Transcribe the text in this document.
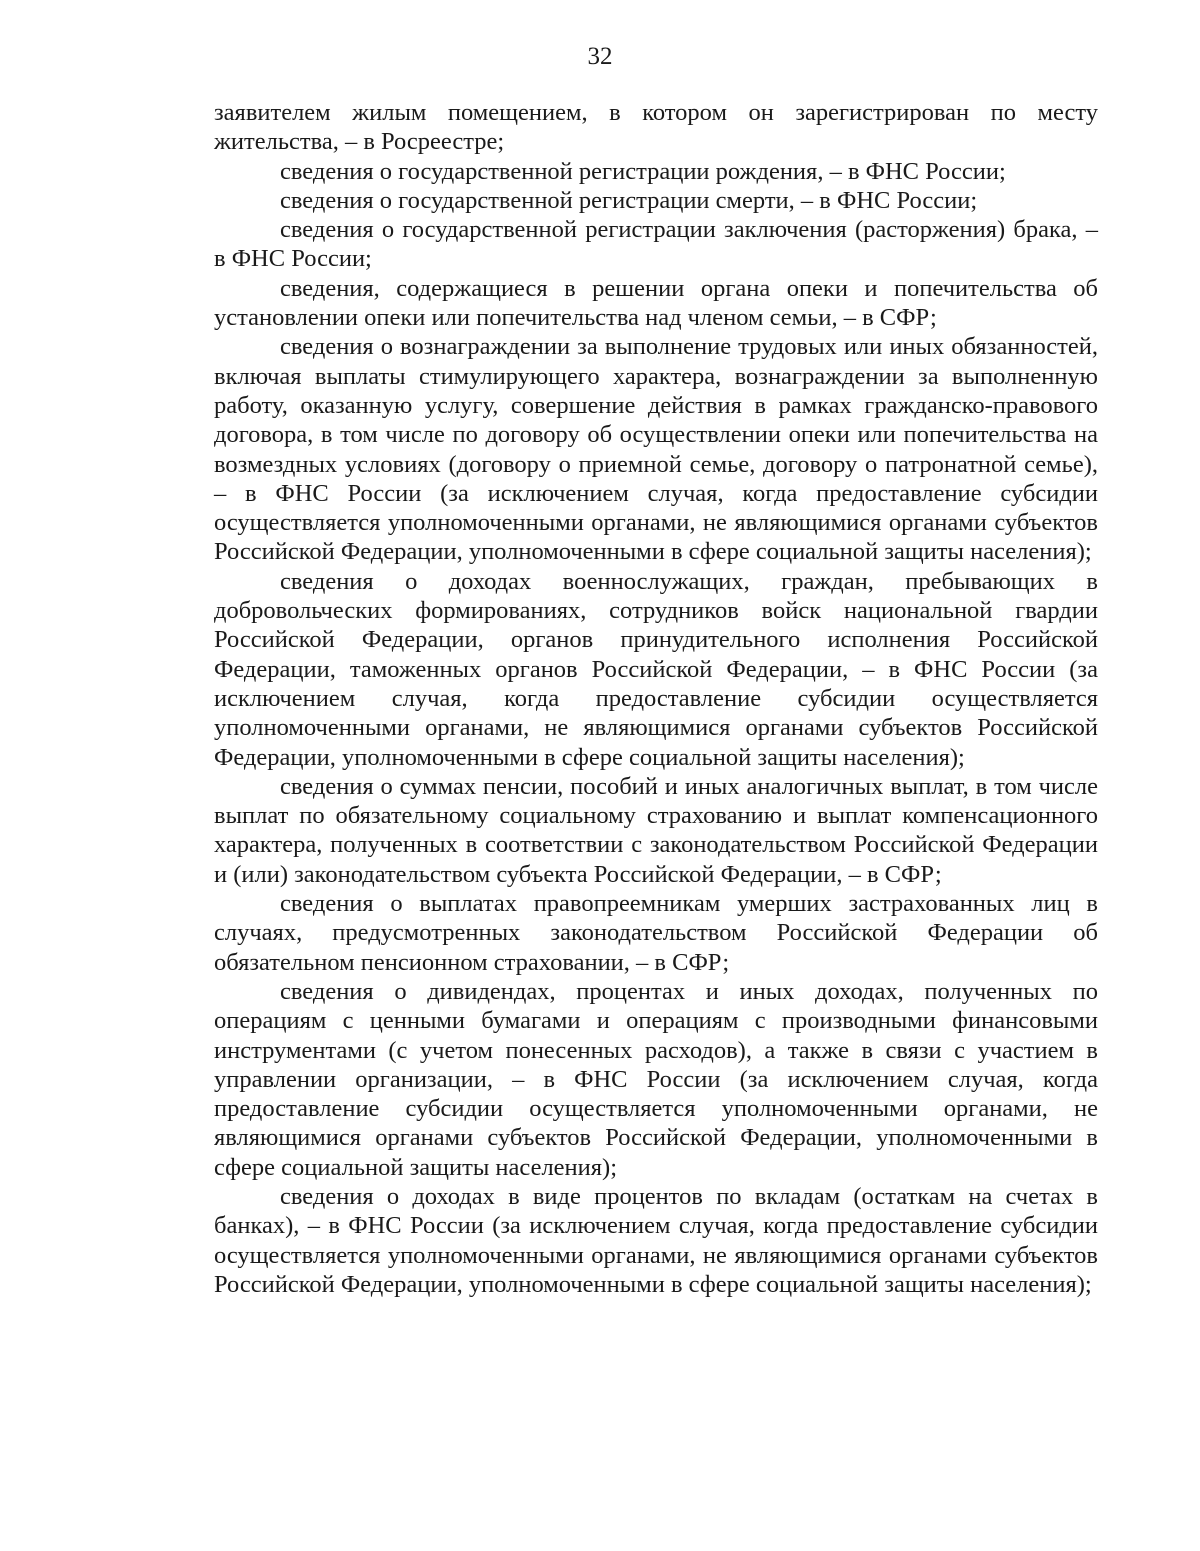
32

заявителем жилым помещением, в котором он зарегистрирован по месту жительства, – в Росреестре;

сведения о государственной регистрации рождения, – в ФНС России;

сведения о государственной регистрации смерти, – в ФНС России;

сведения о государственной регистрации заключения (расторжения) брака, – в ФНС России;

сведения, содержащиеся в решении органа опеки и попечительства об установлении опеки или попечительства над членом семьи, – в СФР;

сведения о вознаграждении за выполнение трудовых или иных обязанностей, включая выплаты стимулирующего характера, вознаграждении за выполненную работу, оказанную услугу, совершение действия в рамках гражданско-правового договора, в том числе по договору об осуществлении опеки или попечительства на возмездных условиях (договору о приемной семье, договору о патронатной семье), – в ФНС России (за исключением случая, когда предоставление субсидии осуществляется уполномоченными органами, не являющимися органами субъектов Российской Федерации, уполномоченными в сфере социальной защиты населения);

сведения о доходах военнослужащих, граждан, пребывающих в добровольческих формированиях, сотрудников войск национальной гвардии Российской Федерации, органов принудительного исполнения Российской Федерации, таможенных органов Российской Федерации, – в ФНС России (за исключением случая, когда предоставление субсидии осуществляется уполномоченными органами, не являющимися органами субъектов Российской Федерации, уполномоченными в сфере социальной защиты населения);

сведения о суммах пенсии, пособий и иных аналогичных выплат, в том числе выплат по обязательному социальному страхованию и выплат компенсационного характера, полученных в соответствии с законодательством Российской Федерации и (или) законодательством субъекта Российской Федерации, – в СФР;

сведения о выплатах правопреемникам умерших застрахованных лиц в случаях, предусмотренных законодательством Российской Федерации об обязательном пенсионном страховании, – в СФР;

сведения о дивидендах, процентах и иных доходах, полученных по операциям с ценными бумагами и операциям с производными финансовыми инструментами (с учетом понесенных расходов), а также в связи с участием в управлении организации, – в ФНС России (за исключением случая, когда предоставление субсидии осуществляется уполномоченными органами, не являющимися органами субъектов Российской Федерации, уполномоченными в сфере социальной защиты населения);

сведения о доходах в виде процентов по вкладам (остаткам на счетах в банках), – в ФНС России (за исключением случая, когда предоставление субсидии осуществляется уполномоченными органами, не являющимися органами субъектов Российской Федерации, уполномоченными в сфере социальной защиты населения);
